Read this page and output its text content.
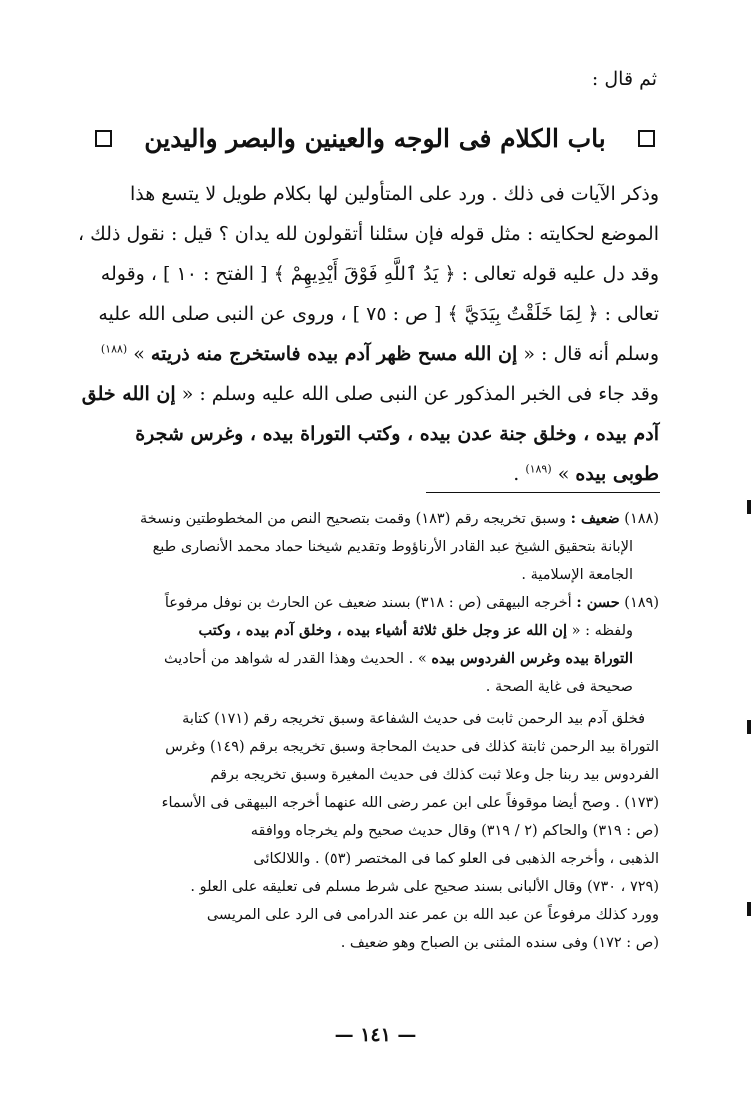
ثم قال :
باب الكلام فى الوجه والعينين والبصر واليدين
وذكر الآيات فى ذلك . ورد على المتأولين لها بكلام طويل لا يتسع هذا
الموضع لحكايته : مثل قوله فإن سئلنا أتقولون لله يدان ؟ قيل : نقول ذلك ،
وقد دل عليه قوله تعالى : ﴿ يَدُ ٱللَّهِ فَوْقَ أَيْدِيهِمْ ﴾ [ الفتح : ١٠ ] ، وقوله
تعالى : ﴿ لِمَا خَلَقْتُ بِيَدَيَّ ﴾ [ ص : ٧٥ ] ، وروى عن النبى صلى الله عليه
وسلم أنه قال : « إن الله مسح ظهر آدم بيده فاستخرج منه ذريته » $^{(١٨٨)}$
وقد جاء فى الخبر المذكور عن النبى صلى الله عليه وسلم : « إن الله خلق
آدم بيده ، وخلق جنة عدن بيده ، وكتب التوراة بيده ، وغرس شجرة
طوبى بيده » $^{(١٨٩)}$ .
(١٨٨) ضعيف : وسبق تخريجه رقم (١٨٣) وقمت بتصحيح النص من المخطوطتين ونسخة
الإبانة بتحقيق الشيخ عبد القادر الأرناؤوط وتقديم شيخنا حماد محمد الأنصارى طبع
الجامعة الإسلامية .
(١٨٩) حسن : أخرجه البيهقى (ص : ٣١٨) بسند ضعيف عن الحارث بن نوفل مرفوعاً
ولفظه : « إن الله عز وجل خلق ثلاثة أشياء بيده ، وخلق آدم بيده ، وكتب
التوراة بيده وغرس الفردوس بيده » . الحديث وهذا القدر له شواهد من أحاديث
صحيحة فى غاية الصحة .
فخلق آدم بيد الرحمن ثابت فى حديث الشفاعة وسبق تخريجه رقم (١٧١) كتابة
التوراة بيد الرحمن ثابتة كذلك فى حديث المحاجة وسبق تخريجه برقم (١٤٩) وغرس
الفردوس بيد ربنا جل وعلا ثبت كذلك فى حديث المغيرة وسبق تخريجه برقم
(١٧٣) . وصح أيضا موقوفاً على ابن عمر رضى الله عنهما أخرجه البيهقى فى الأسماء
(ص : ٣١٩) والحاكم (٢ / ٣١٩) وقال حديث صحيح ولم يخرجاه ووافقه
الذهبى ، وأخرجه الذهبى فى العلو كما فى المختصر (٥٣) . واللالكائى
(٧٢٩ ، ٧٣٠) وقال الألبانى بسند صحيح على شرط مسلم فى تعليقه على العلو .
وورد كذلك مرفوعاً عن عبد الله بن عمر عند الدرامى فى الرد على المريسى
(ص : ١٧٢) وفى سنده المثنى بن الصباح وهو ضعيف .
— ١٤١ —
